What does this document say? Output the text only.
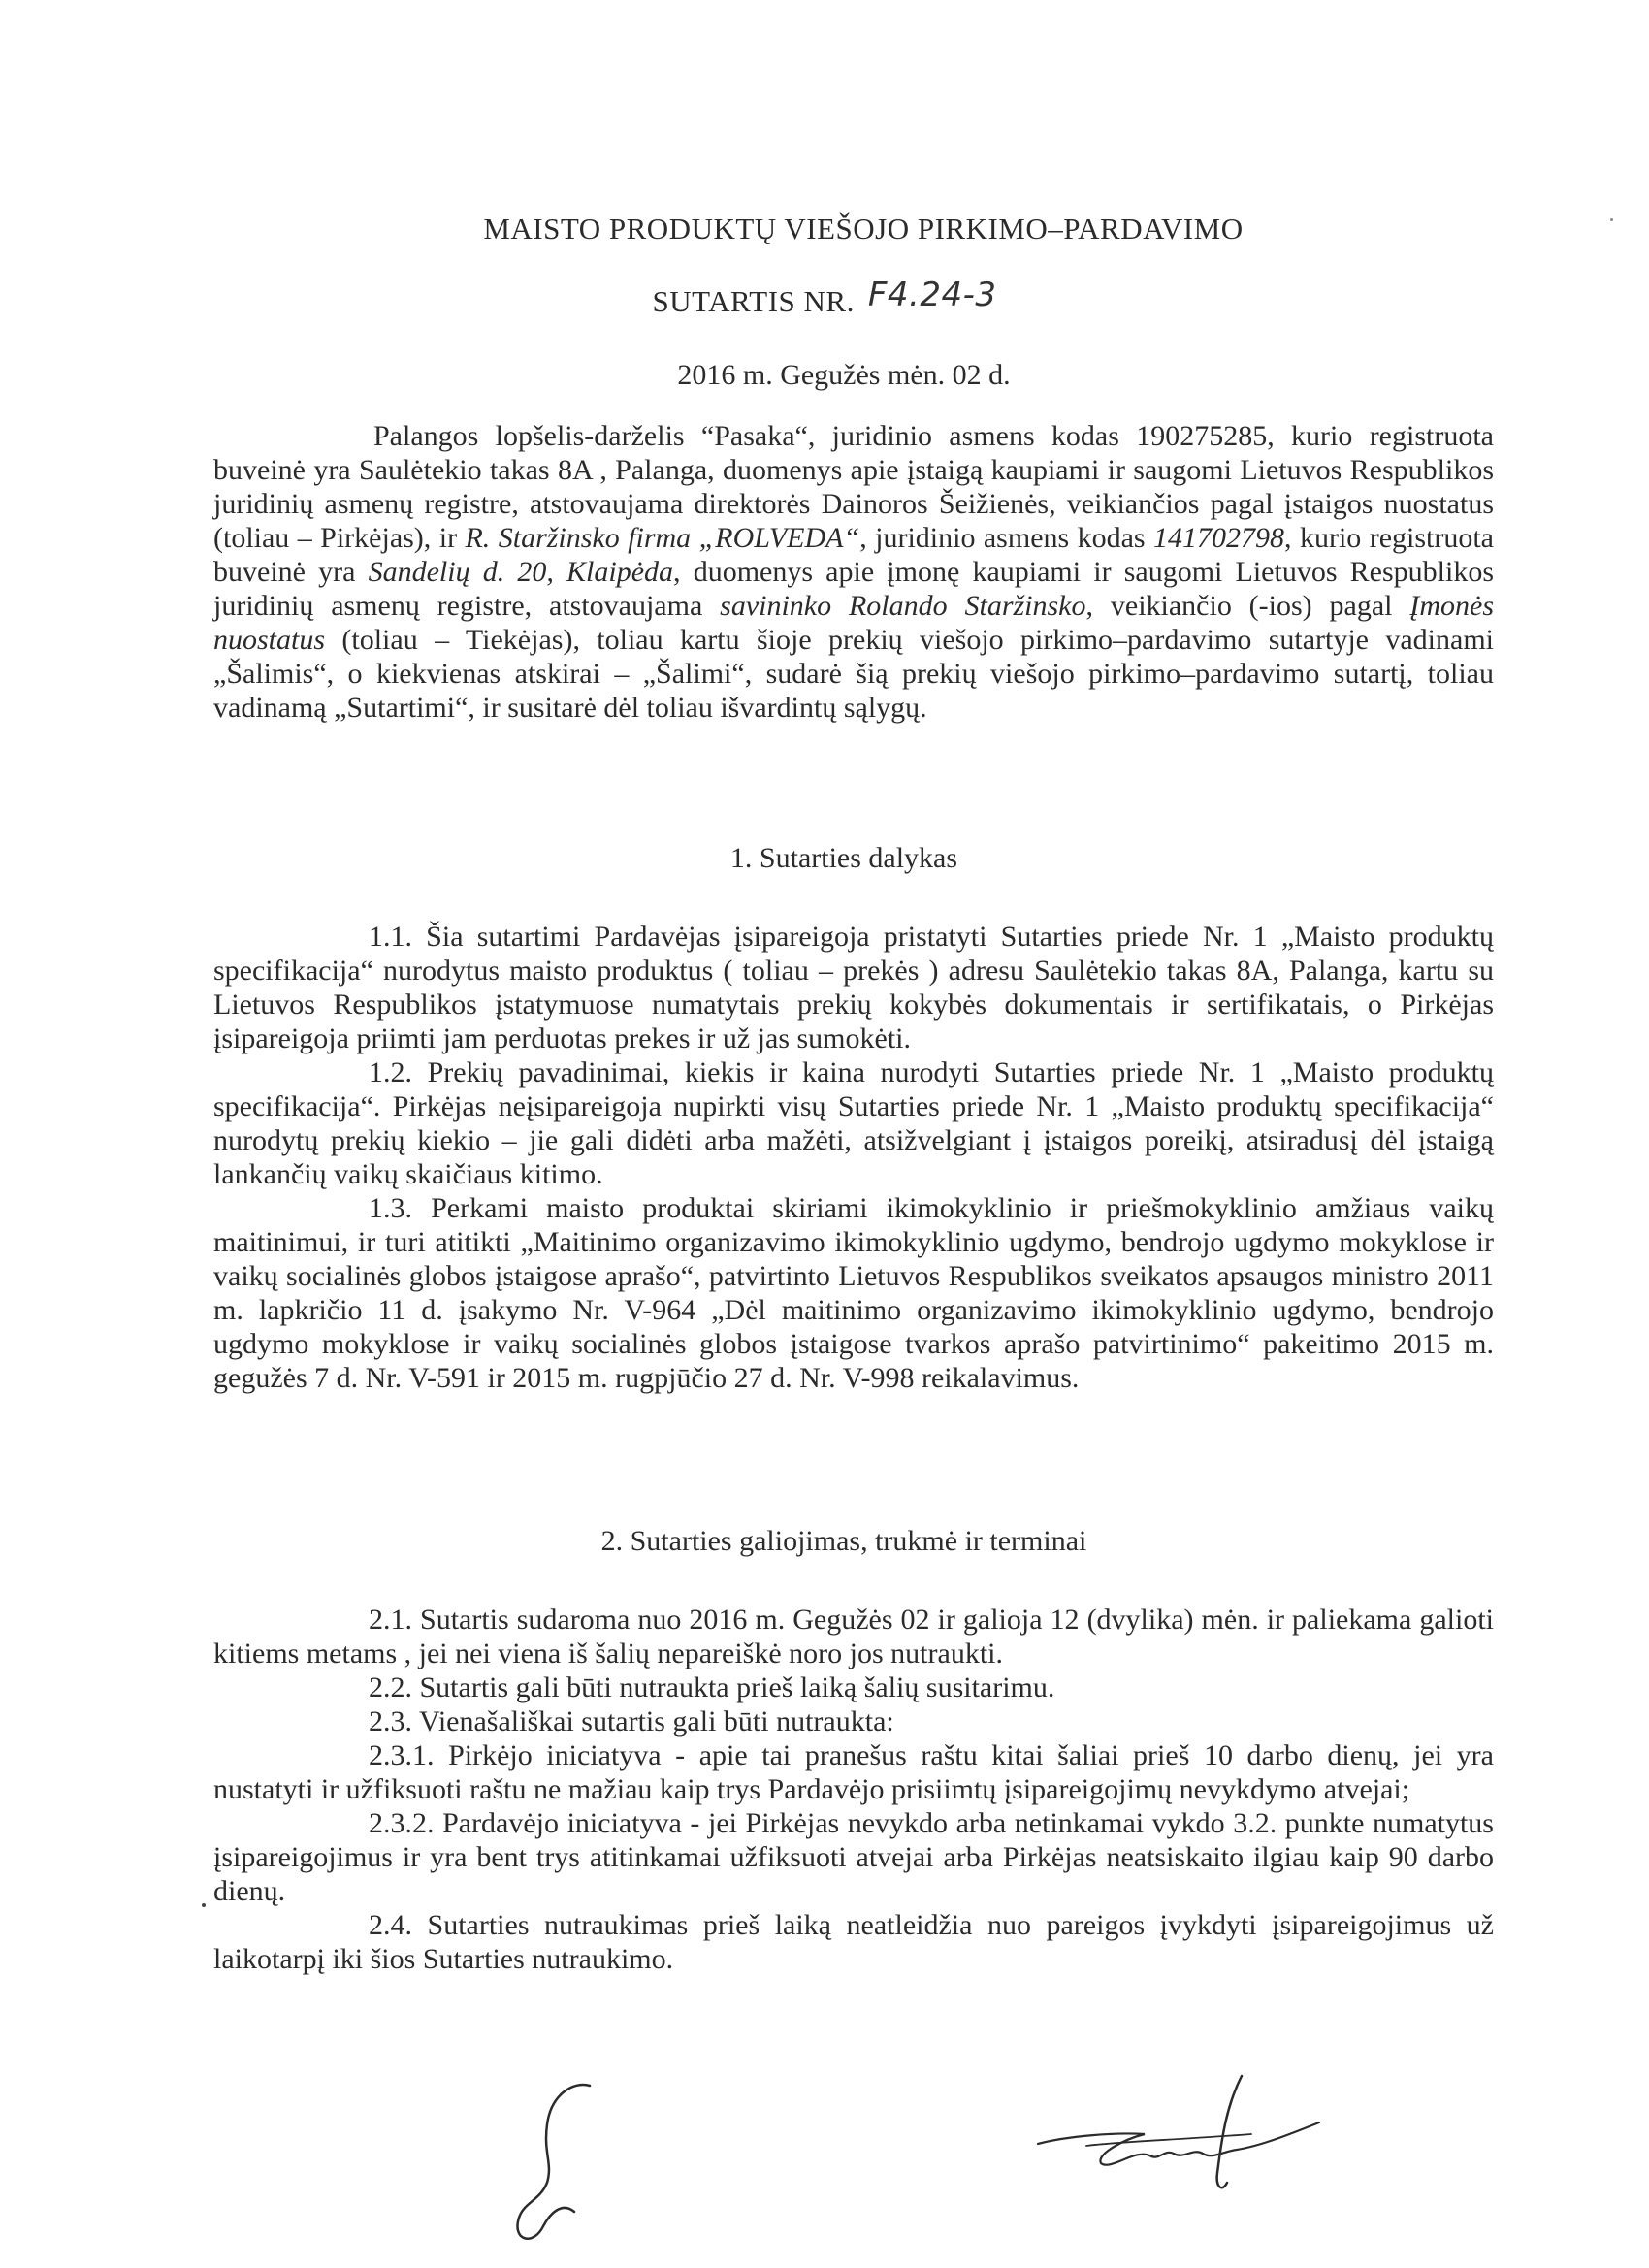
MAISTO PRODUKTŲ VIEŠOJO PIRKIMO–PARDAVIMO
SUTARTIS NR. F4.24-3
2016 m. Gegužės mėn. 02 d.

Palangos lopšelis-darželis “Pasaka“, juridinio asmens kodas 190275285, kurio registruota buveinė yra Saulėtekio takas 8A , Palanga, duomenys apie įstaigą kaupiami ir saugomi Lietuvos Respublikos juridinių asmenų registre, atstovaujama direktorės Dainoros Šeižienės, veikiančios pagal įstaigos nuostatus (toliau – Pirkėjas), ir R. Staržinsko firma „ROLVEDA“, juridinio asmens kodas 141702798, kurio registruota buveinė yra Sandelių d. 20, Klaipėda, duomenys apie įmonę kaupiami ir saugomi Lietuvos Respublikos juridinių asmenų registre, atstovaujama savininko Rolando Staržinsko, veikiančio (-ios) pagal Įmonės nuostatus (toliau – Tiekėjas), toliau kartu šioje prekių viešojo pirkimo–pardavimo sutartyje vadinami „Šalimis“, o kiekvienas atskirai – „Šalimi“, sudarė šią prekių viešojo pirkimo–pardavimo sutartį, toliau vadinamą „Sutartimi“, ir susitarė dėl toliau išvardintų sąlygų.

1. Sutarties dalykas

1.1. Šia sutartimi Pardavėjas įsipareigoja pristatyti Sutarties priede Nr. 1 „Maisto produktų specifikacija“ nurodytus maisto produktus ( toliau – prekės ) adresu Saulėtekio takas 8A, Palanga, kartu su Lietuvos Respublikos įstatymuose numatytais prekių kokybės dokumentais ir sertifikatais, o Pirkėjas įsipareigoja priimti jam perduotas prekes ir už jas sumokėti.

1.2. Prekių pavadinimai, kiekis ir kaina nurodyti Sutarties priede Nr. 1 „Maisto produktų specifikacija“. Pirkėjas neįsipareigoja nupirkti visų Sutarties priede Nr. 1 „Maisto produktų specifikacija“ nurodytų prekių kiekio – jie gali didėti arba mažėti, atsižvelgiant į įstaigos poreikį, atsiradusį dėl įstaigą lankančių vaikų skaičiaus kitimo.

1.3. Perkami maisto produktai skiriami ikimokyklinio ir priešmokyklinio amžiaus vaikų maitinimui, ir turi atitikti „Maitinimo organizavimo ikimokyklinio ugdymo, bendrojo ugdymo mokyklose ir vaikų socialinės globos įstaigose aprašo“, patvirtinto Lietuvos Respublikos sveikatos apsaugos ministro 2011 m. lapkričio 11 d. įsakymo Nr. V-964 „Dėl maitinimo organizavimo ikimokyklinio ugdymo, bendrojo ugdymo mokyklose ir vaikų socialinės globos įstaigose tvarkos aprašo patvirtinimo“ pakeitimo 2015 m. gegužės 7 d. Nr. V-591 ir 2015 m. rugpjūčio 27 d. Nr. V-998 reikalavimus.

2. Sutarties galiojimas, trukmė ir terminai

2.1. Sutartis sudaroma nuo 2016 m. Gegužės 02 ir galioja 12 (dvylika) mėn. ir paliekama galioti kitiems metams , jei nei viena iš šalių nepareiškė noro jos nutraukti.

2.2. Sutartis gali būti nutraukta prieš laiką šalių susitarimu.

2.3. Vienašališkai sutartis gali būti nutraukta:

2.3.1. Pirkėjo iniciatyva - apie tai pranešus raštu kitai šaliai prieš 10 darbo dienų, jei yra nustatyti ir užfiksuoti raštu ne mažiau kaip trys Pardavėjo prisiimtų įsipareigojimų nevykdymo atvejai;

2.3.2. Pardavėjo iniciatyva - jei Pirkėjas nevykdo arba netinkamai vykdo 3.2. punkte numatytus įsipareigojimus ir yra bent trys atitinkamai užfiksuoti atvejai arba Pirkėjas neatsiskaito ilgiau kaip 90 darbo dienų.

2.4. Sutarties nutraukimas prieš laiką neatleidžia nuo pareigos įvykdyti įsipareigojimus už laikotarpį iki šios Sutarties nutraukimo.
